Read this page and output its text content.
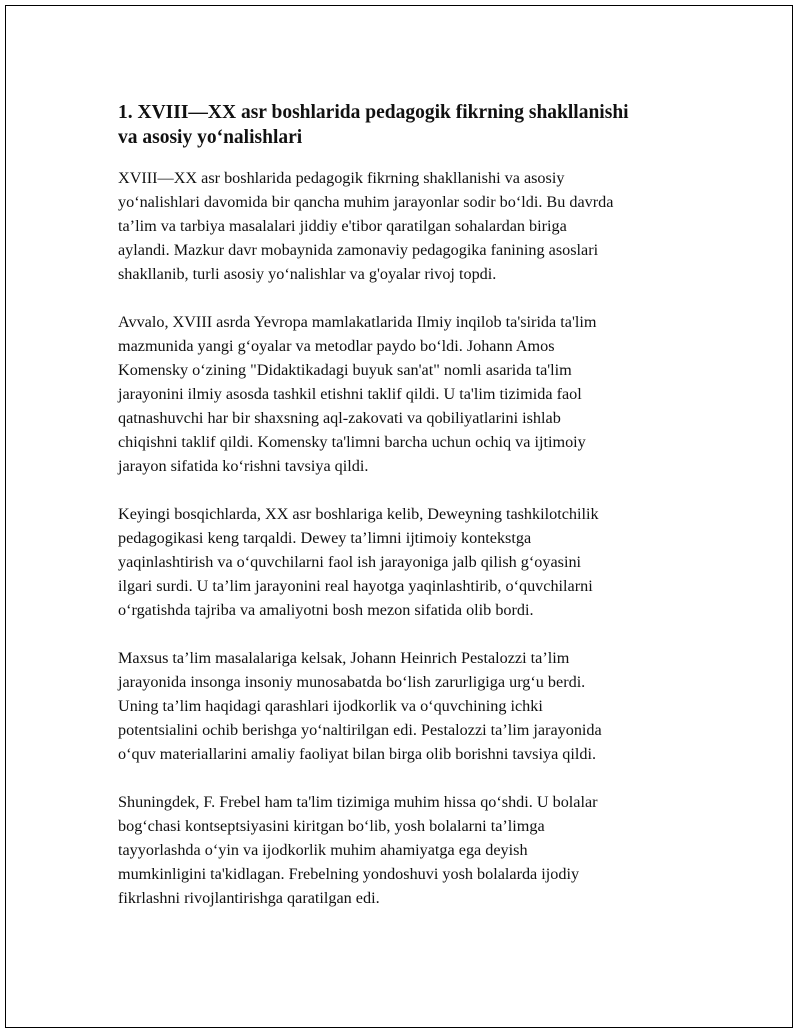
1. XVIII—XX asr boshlarida pedagogik fikrning shakllanishi
va asosiy yo‘nalishlari

XVIII—XX asr boshlarida pedagogik fikrning shakllanishi va asosiy
yo‘nalishlari davomida bir qancha muhim jarayonlar sodir bo‘ldi. Bu davrda
ta’lim va tarbiya masalalari jiddiy e'tibor qaratilgan sohalardan biriga
aylandi. Mazkur davr mobaynida zamonaviy pedagogika fanining asoslari
shakllanib, turli asosiy yo‘nalishlar va g'oyalar rivoj topdi.

Avvalo, XVIII asrda Yevropa mamlakatlarida Ilmiy inqilob ta'sirida ta'lim
mazmunida yangi g‘oyalar va metodlar paydo bo‘ldi. Johann Amos
Komensky o‘zining "Didaktikadagi buyuk san'at" nomli asarida ta'lim
jarayonini ilmiy asosda tashkil etishni taklif qildi. U ta'lim tizimida faol
qatnashuvchi har bir shaxsning aql-zakovati va qobiliyatlarini ishlab
chiqishni taklif qildi. Komensky ta'limni barcha uchun ochiq va ijtimoiy
jarayon sifatida ko‘rishni tavsiya qildi.

Keyingi bosqichlarda, XX asr boshlariga kelib, Deweyning tashkilotchilik
pedagogikasi keng tarqaldi. Dewey ta’limni ijtimoiy kontekstga
yaqinlashtirish va o‘quvchilarni faol ish jarayoniga jalb qilish g‘oyasini
ilgari surdi. U ta’lim jarayonini real hayotga yaqinlashtirib, o‘quvchilarni
o‘rgatishda tajriba va amaliyotni bosh mezon sifatida olib bordi.

Maxsus ta’lim masalalariga kelsak, Johann Heinrich Pestalozzi ta’lim
jarayonida insonga insoniy munosabatda bo‘lish zarurligiga urg‘u berdi.
Uning ta’lim haqidagi qarashlari ijodkorlik va o‘quvchining ichki
potentsialini ochib berishga yo‘naltirilgan edi. Pestalozzi ta’lim jarayonida
o‘quv materiallarini amaliy faoliyat bilan birga olib borishni tavsiya qildi.

Shuningdek, F. Frebel ham ta'lim tizimiga muhim hissa qo‘shdi. U bolalar
bog‘chasi kontseptsiyasini kiritgan bo‘lib, yosh bolalarni ta’limga
tayyorlashda o‘yin va ijodkorlik muhim ahamiyatga ega deyish
mumkinligini ta'kidlagan. Frebelning yondoshuvi yosh bolalarda ijodiy
fikrlashni rivojlantirishga qaratilgan edi.
